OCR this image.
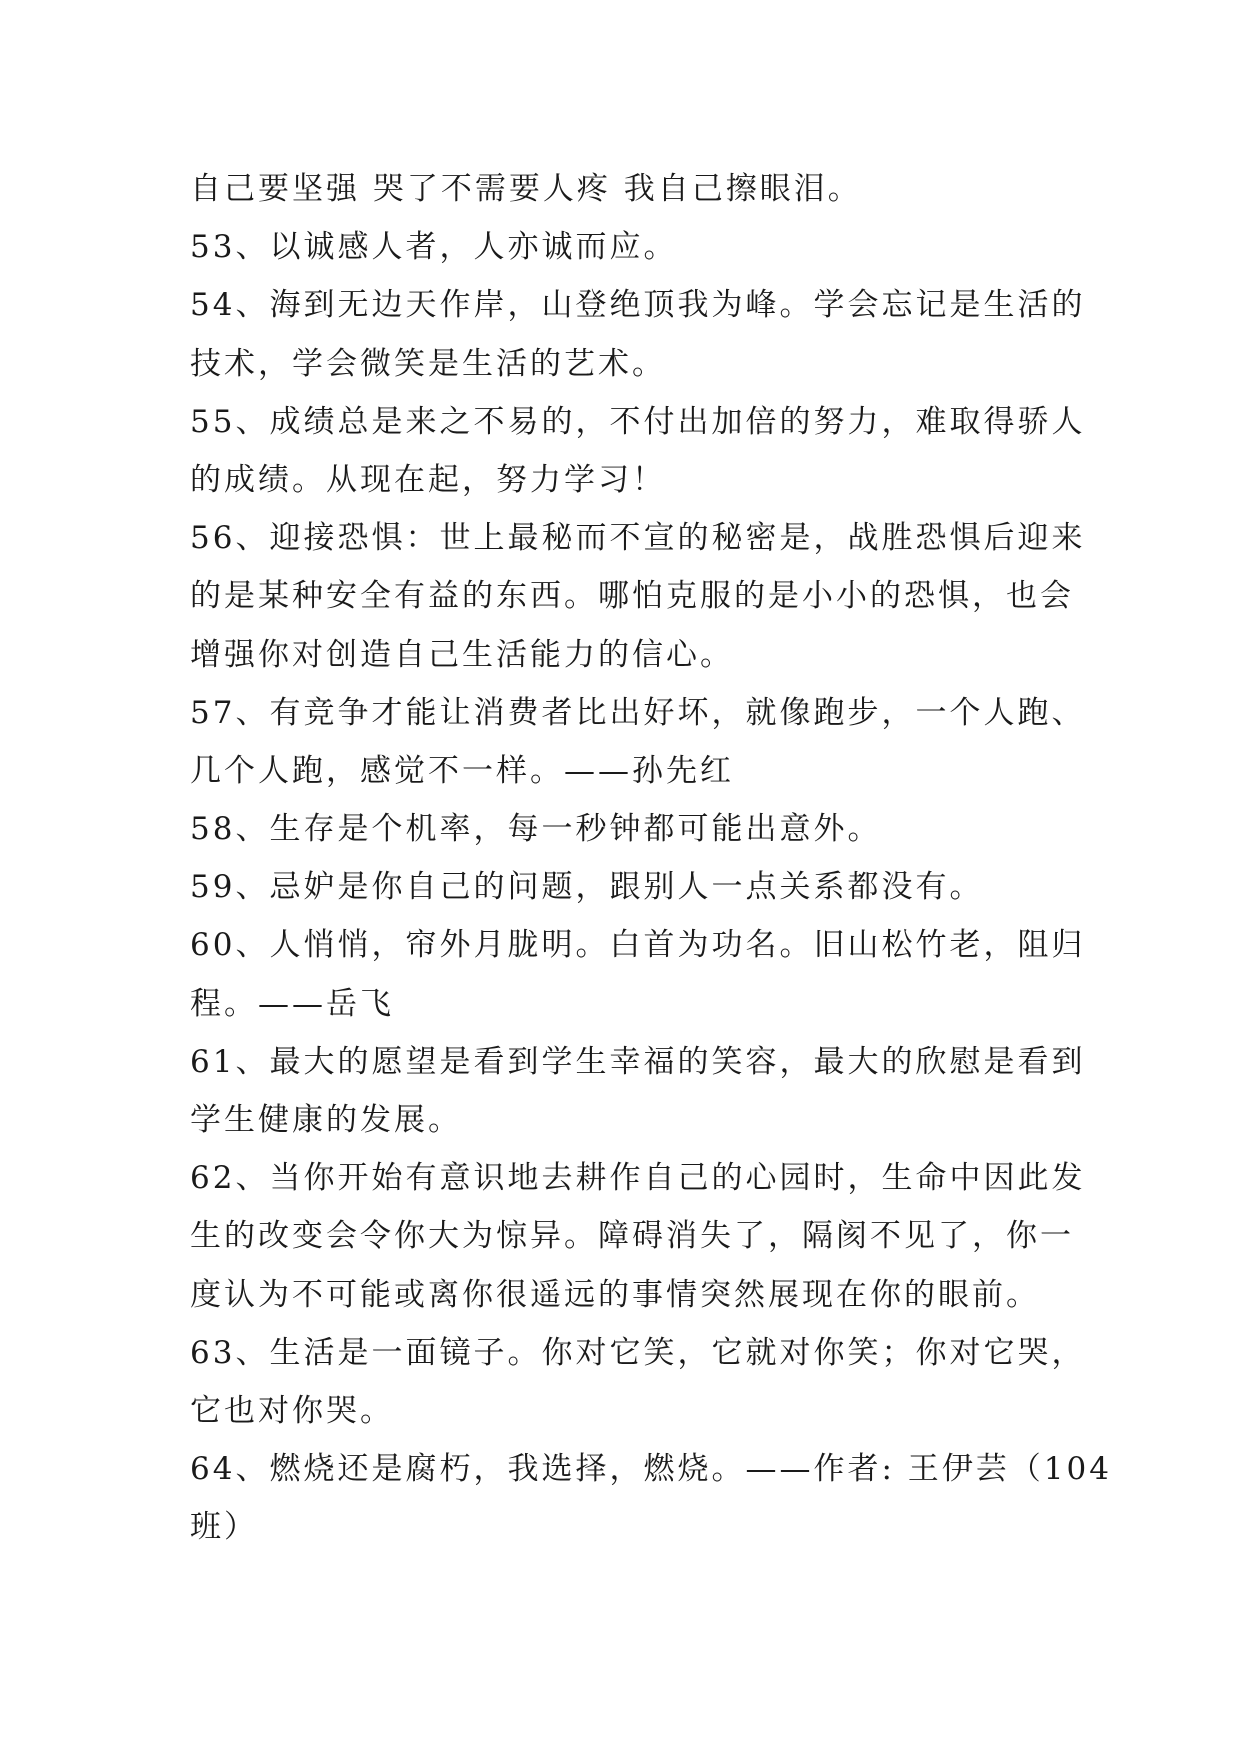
自己要坚强 哭了不需要人疼 我自己擦眼泪。
53、以诚感人者，人亦诚而应。
54、海到无边天作岸，山登绝顶我为峰。学会忘记是生活的
技术，学会微笑是生活的艺术。
55、成绩总是来之不易的，不付出加倍的努力，难取得骄人
的成绩。从现在起，努力学习！
56、迎接恐惧：世上最秘而不宣的秘密是，战胜恐惧后迎来
的是某种安全有益的东西。哪怕克服的是小小的恐惧，也会
增强你对创造自己生活能力的信心。
57、有竞争才能让消费者比出好坏，就像跑步，一个人跑、
几个人跑，感觉不一样。——孙先红
58、生存是个机率，每一秒钟都可能出意外。
59、忌妒是你自己的问题，跟别人一点关系都没有。
60、人悄悄，帘外月胧明。白首为功名。旧山松竹老，阻归
程。——岳飞
61、最大的愿望是看到学生幸福的笑容，最大的欣慰是看到
学生健康的发展。
62、当你开始有意识地去耕作自己的心园时，生命中因此发
生的改变会令你大为惊异。障碍消失了，隔阂不见了，你一
度认为不可能或离你很遥远的事情突然展现在你的眼前。
63、生活是一面镜子。你对它笑，它就对你笑；你对它哭，
它也对你哭。
64、燃烧还是腐朽，我选择，燃烧。——作者: 王伊芸（104
班）
